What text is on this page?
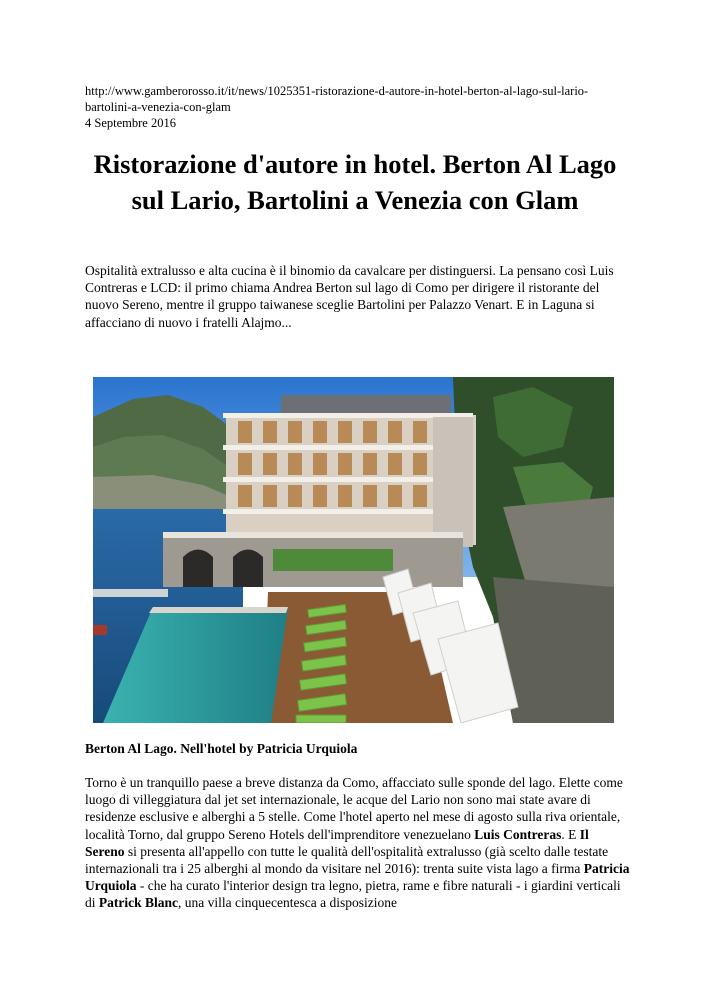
http://www.gamberorosso.it/it/news/1025351-ristorazione-d-autore-in-hotel-berton-al-lago-sul-lario-
bartolini-a-venezia-con-glam
4 Septembre 2016
Ristorazione d'autore in hotel. Berton Al Lago sul Lario, Bartolini a Venezia con Glam

Ospitalità extralusso e alta cucina è il binomio da cavalcare per distinguersi. La pensano così Luis Contreras e LCD: il primo chiama Andrea Berton sul lago di Como per dirigere il ristorante del nuovo Sereno, mentre il gruppo taiwanese sceglie Bartolini per Palazzo Venart. E in Laguna si affacciano di nuovo i fratelli Alajmo...

Berton Al Lago. Nell'hotel by Patricia Urquiola

Torno è un tranquillo paese a breve distanza da Como, affacciato sulle sponde del lago. Elette come luogo di villeggiatura dal jet set internazionale, le acque del Lario non sono mai state avare di residenze esclusive e alberghi a 5 stelle. Come l'hotel aperto nel mese di agosto sulla riva orientale, località Torno, dal gruppo Sereno Hotels dell'imprenditore venezuelano Luis Contreras. E Il Sereno si presenta all'appello con tutte le qualità dell'ospitalità extralusso (già scelto dalle testate internazionali tra i 25 alberghi al mondo da visitare nel 2016): trenta suite vista lago a firma Patricia Urquiola - che ha curato l'interior design tra legno, pietra, rame e fibre naturali - i giardini verticali di Patrick Blanc, una villa cinquecentesca a disposizione
